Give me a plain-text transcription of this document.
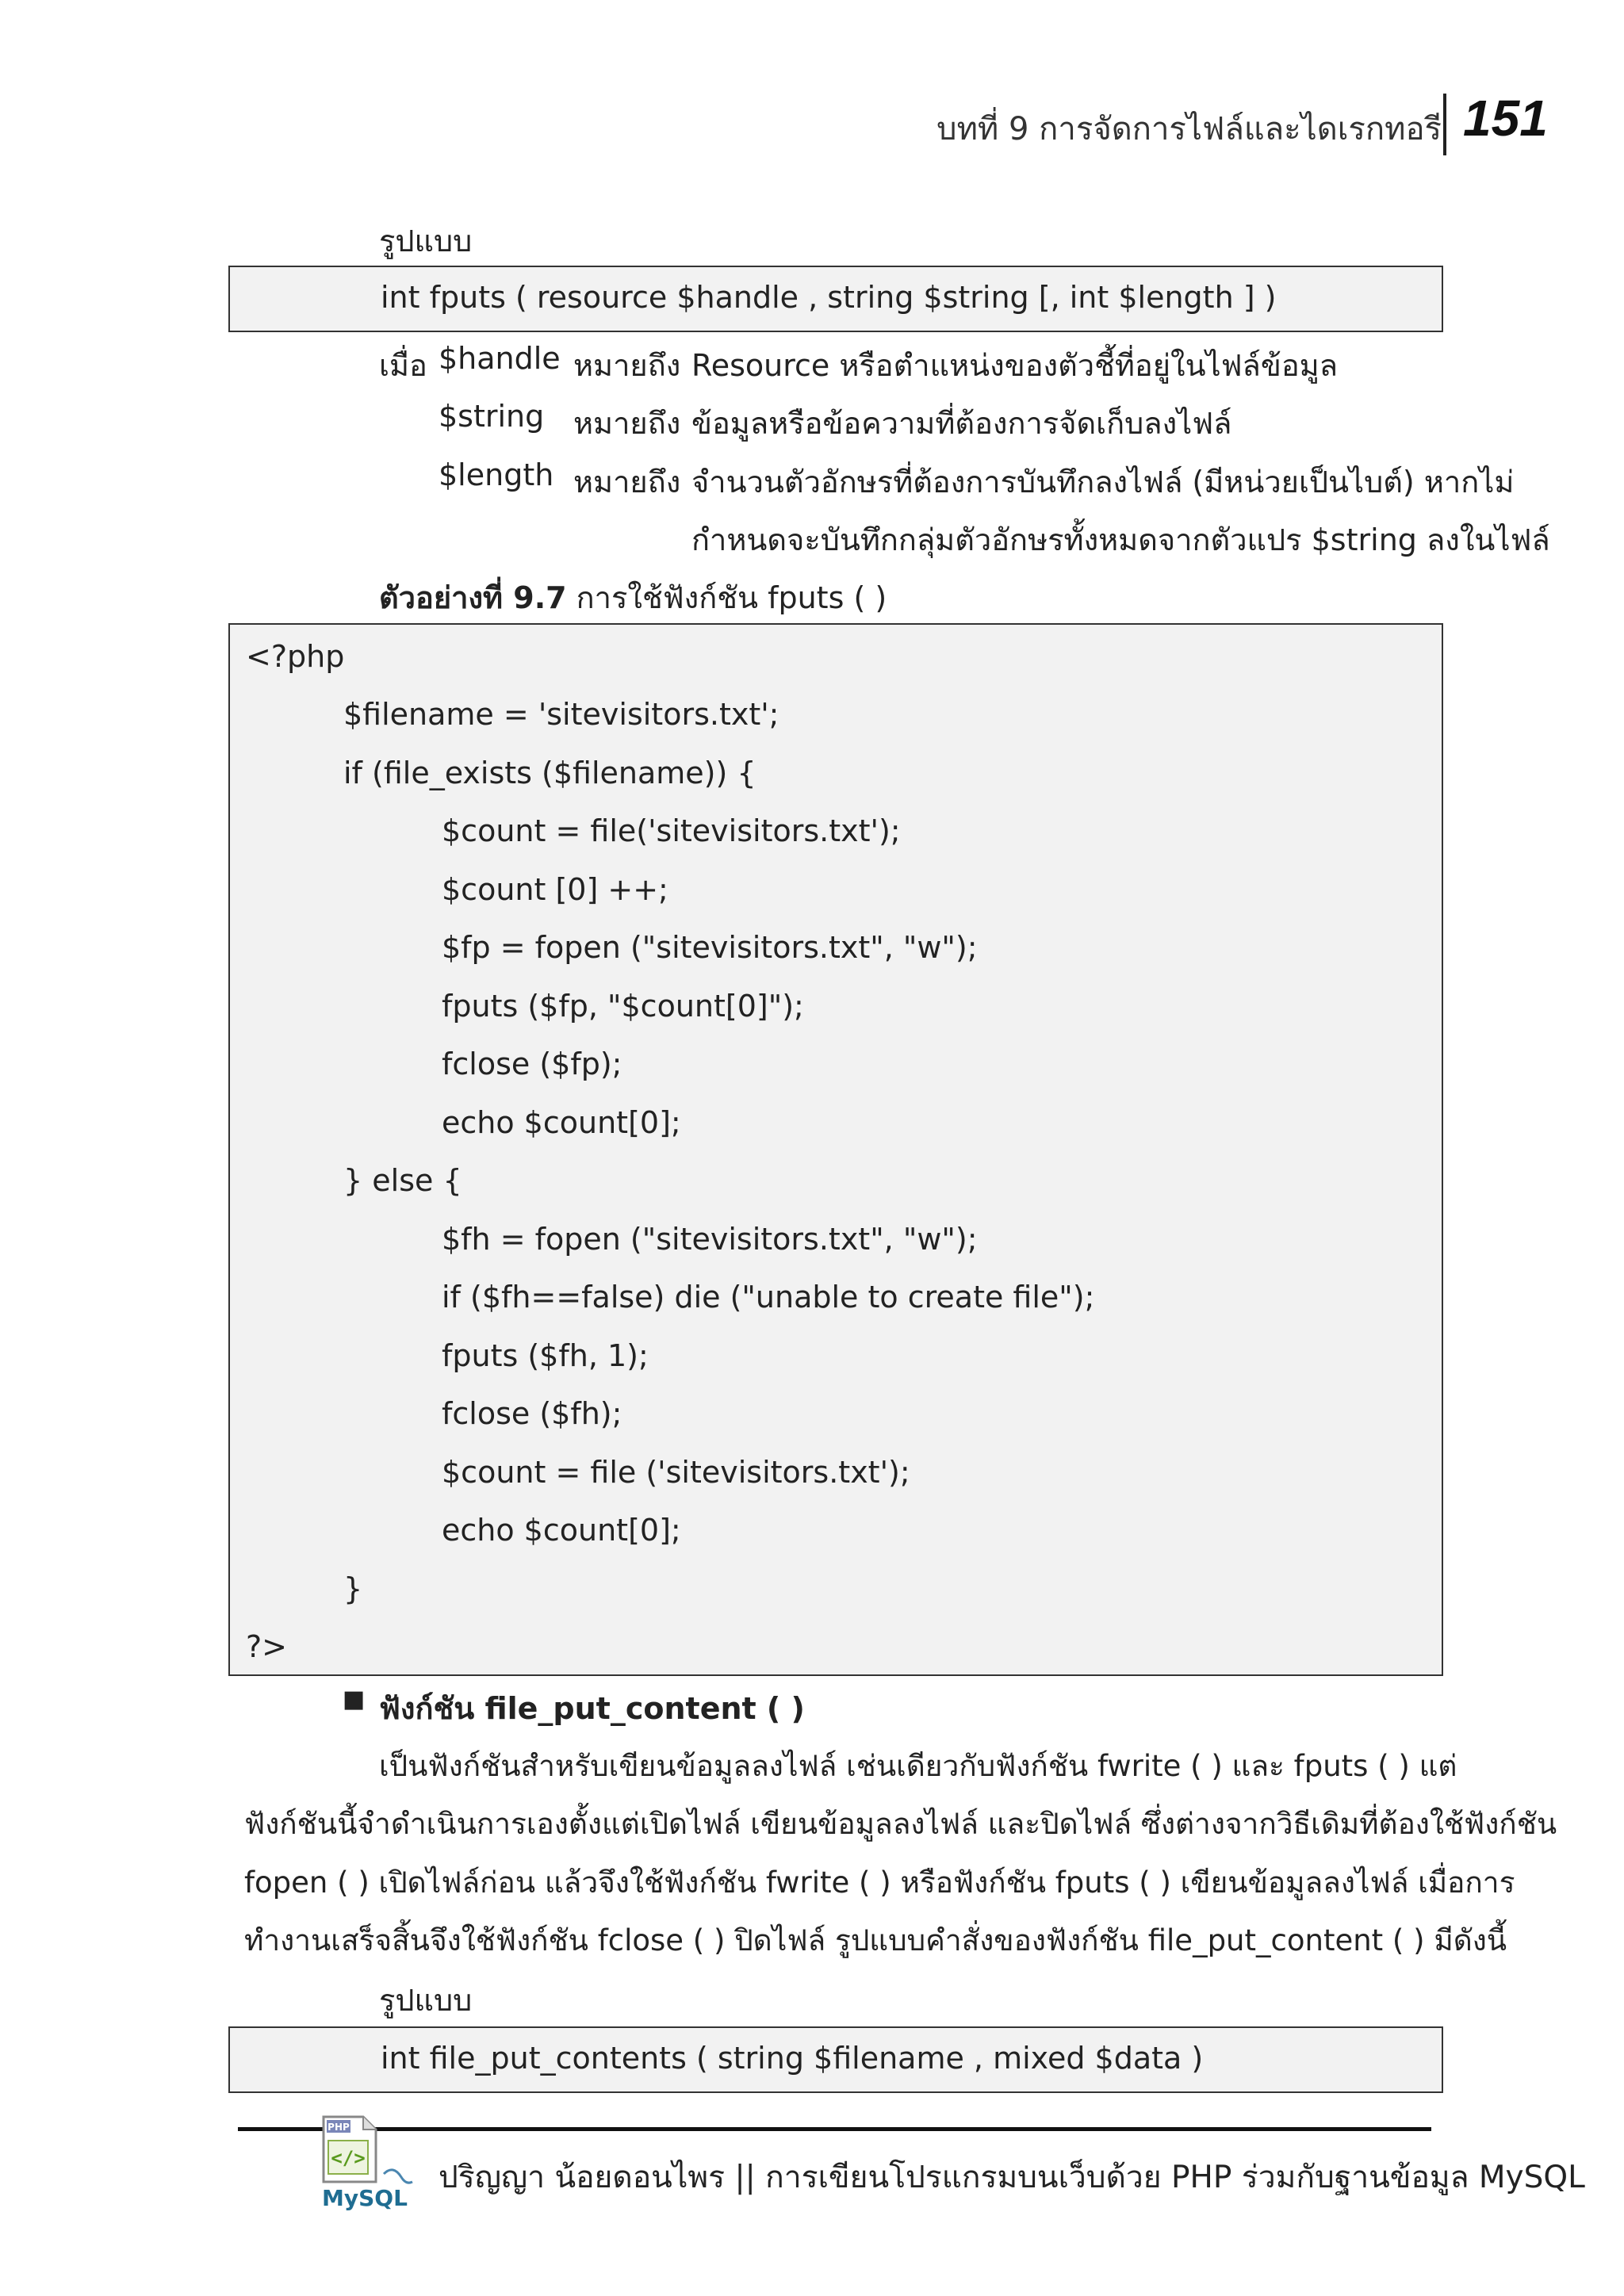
บทที่ 9 การจัดการไฟล์และไดเรกทอรี 151
รูปแบบ
int fputs ( resource $handle , string $string [, int $length ] )
เมื่อ $handle หมายถึง Resource หรือตำแหน่งของตัวชี้ที่อยู่ในไฟล์ข้อมูล
$string หมายถึง ข้อมูลหรือข้อความที่ต้องการจัดเก็บลงไฟล์
$length หมายถึง จำนวนตัวอักษรที่ต้องการบันทึกลงไฟล์ (มีหน่วยเป็นไบต์) หากไม่
กำหนดจะบันทึกกลุ่มตัวอักษรทั้งหมดจากตัวแปร $string ลงในไฟล์
ตัวอย่างที่ 9.7 การใช้ฟังก์ชัน fputs ( )
<?php
$filename = 'sitevisitors.txt';
if (file_exists ($filename)) {
$count = file('sitevisitors.txt');
$count [0] ++;
$fp = fopen ("sitevisitors.txt", "w");
fputs ($fp, "$count[0]");
fclose ($fp);
echo $count[0];
} else {
$fh = fopen ("sitevisitors.txt", "w");
if ($fh==false) die ("unable to create file");
fputs ($fh, 1);
fclose ($fh);
$count = file ('sitevisitors.txt');
echo $count[0];
}
?>
■ ฟังก์ชัน file_put_content ( )
เป็นฟังก์ชันสำหรับเขียนข้อมูลลงไฟล์ เช่นเดียวกับฟังก์ชัน fwrite ( ) และ fputs ( ) แต่
ฟังก์ชันนี้จำดำเนินการเองตั้งแต่เปิดไฟล์ เขียนข้อมูลลงไฟล์ และปิดไฟล์ ซึ่งต่างจากวิธีเดิมที่ต้องใช้ฟังก์ชัน
fopen ( ) เปิดไฟล์ก่อน แล้วจึงใช้ฟังก์ชัน fwrite ( ) หรือฟังก์ชัน fputs ( ) เขียนข้อมูลลงไฟล์ เมื่อการ
ทำงานเสร็จสิ้นจึงใช้ฟังก์ชัน fclose ( ) ปิดไฟล์ รูปแบบคำสั่งของฟังก์ชัน file_put_content ( ) มีดังนี้
รูปแบบ
int file_put_contents ( string $filename , mixed $data )
PHP
</>
MySQL
ปริญญา น้อยดอนไพร || การเขียนโปรแกรมบนเว็บด้วย PHP ร่วมกับฐานข้อมูล MySQL
